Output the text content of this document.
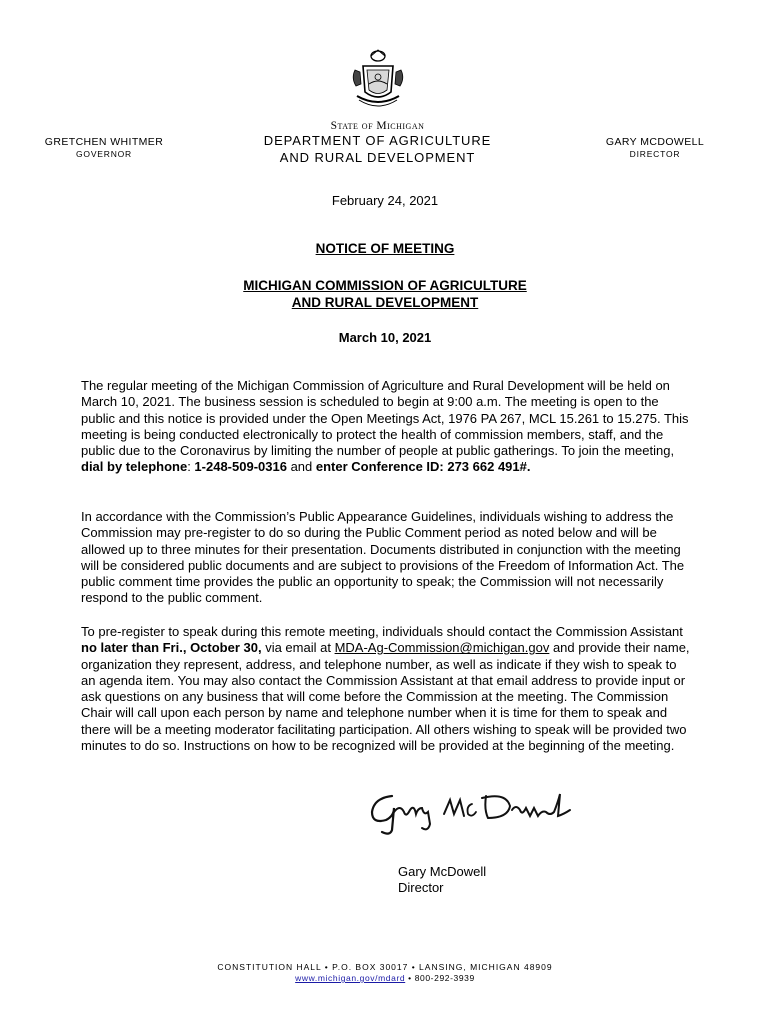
GRETCHEN WHITMER
GOVERNOR
State of Michigan
DEPARTMENT OF AGRICULTURE
AND RURAL DEVELOPMENT
GARY MCDOWELL
DIRECTOR
February 24, 2021
NOTICE OF MEETING
MICHIGAN COMMISSION OF AGRICULTURE
AND RURAL DEVELOPMENT
March 10, 2021
The regular meeting of the Michigan Commission of Agriculture and Rural Development will be held on March 10, 2021. The business session is scheduled to begin at 9:00 a.m. The meeting is open to the public and this notice is provided under the Open Meetings Act, 1976 PA 267, MCL 15.261 to 15.275. This meeting is being conducted electronically to protect the health of commission members, staff, and the public due to the Coronavirus by limiting the number of people at public gatherings. To join the meeting, dial by telephone: 1-248-509-0316 and enter Conference ID: 273 662 491#.
In accordance with the Commission’s Public Appearance Guidelines, individuals wishing to address the Commission may pre-register to do so during the Public Comment period as noted below and will be allowed up to three minutes for their presentation. Documents distributed in conjunction with the meeting will be considered public documents and are subject to provisions of the Freedom of Information Act. The public comment time provides the public an opportunity to speak; the Commission will not necessarily respond to the public comment.
To pre-register to speak during this remote meeting, individuals should contact the Commission Assistant no later than Fri., October 30, via email at MDA-Ag-Commission@michigan.gov and provide their name, organization they represent, address, and telephone number, as well as indicate if they wish to speak to an agenda item. You may also contact the Commission Assistant at that email address to provide input or ask questions on any business that will come before the Commission at the meeting. The Commission Chair will call upon each person by name and telephone number when it is time for them to speak and there will be a meeting moderator facilitating participation. All others wishing to speak will be provided two minutes to do so. Instructions on how to be recognized will be provided at the beginning of the meeting.
Gary McDowell
Director
CONSTITUTION HALL • P.O. BOX 30017 • LANSING, MICHIGAN 48909
www.michigan.gov/mdard • 800-292-3939
